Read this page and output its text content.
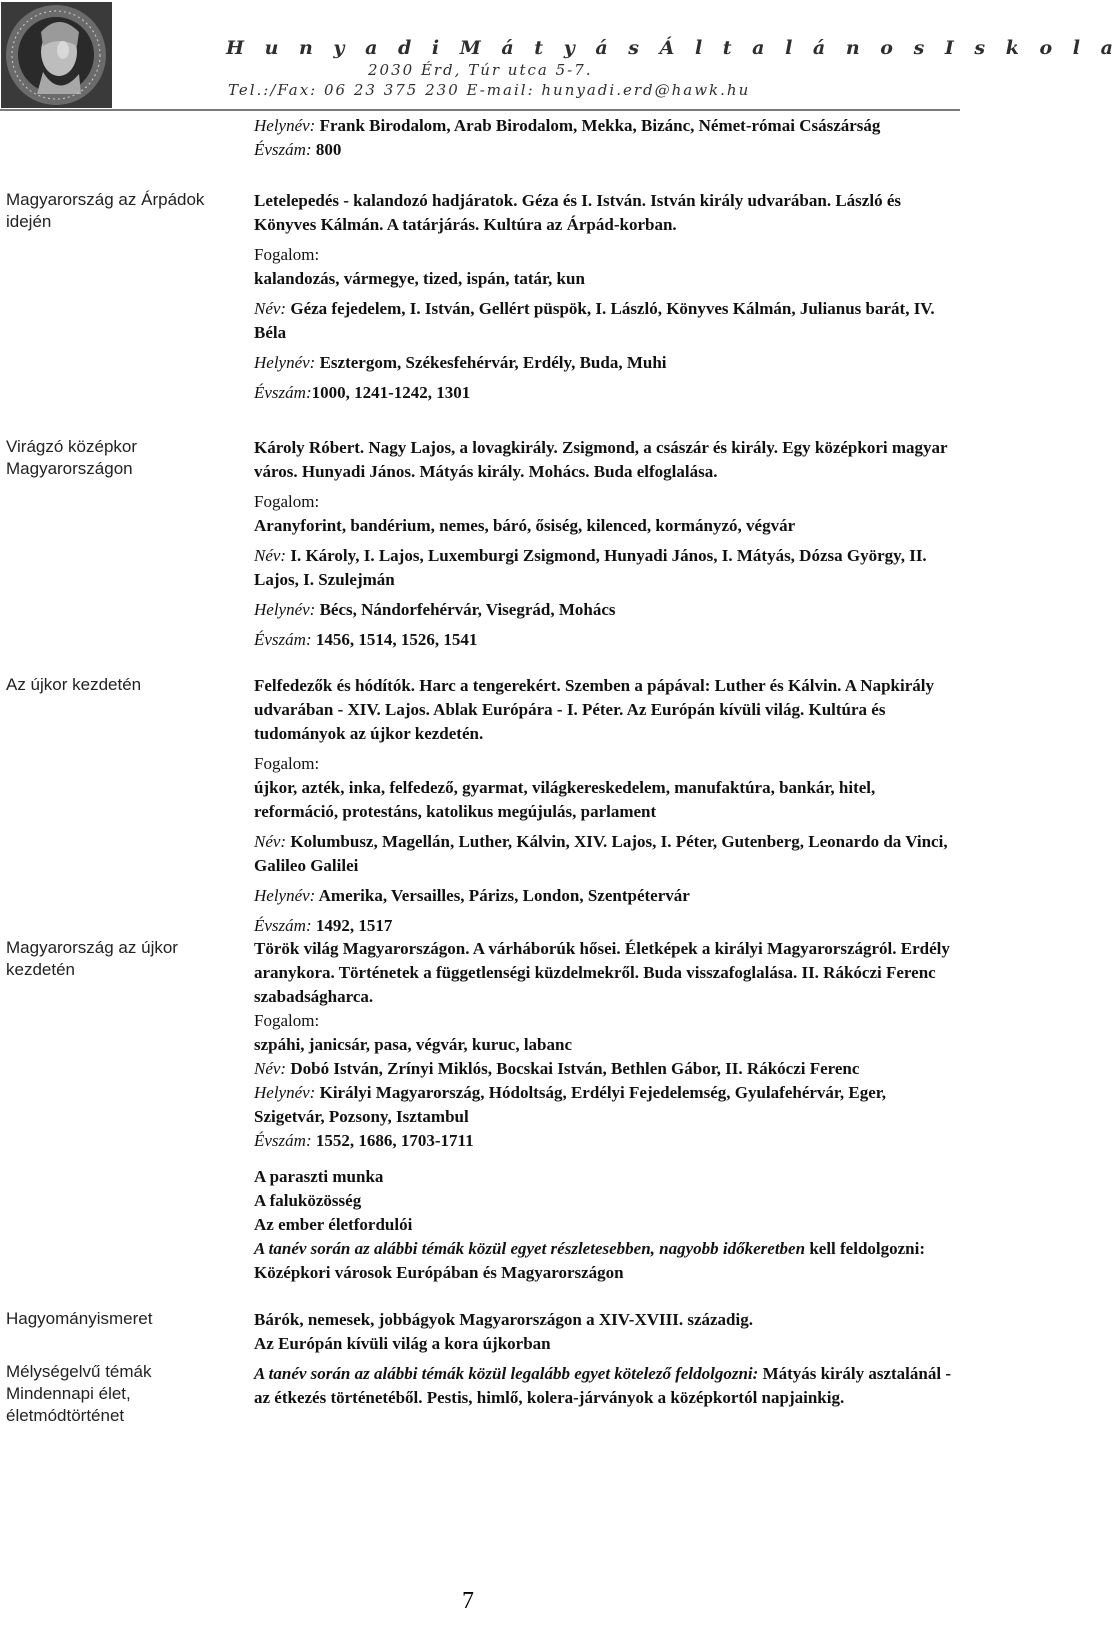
H u n y a d i M á t y á s Á l t a l á n o s I s k o l a
2030 Érd, Túr utca 5-7.
Tel.:/Fax: 06 23 375 230 E-mail: hunyadi.erd@hawk.hu
Magyarország az Árpádok
idején
Virágzó középkor
Magyarországon
Az újkor kezdetén
Magyarország az újkor
kezdetén
Hagyományismeret
Mélységelvű témák
Mindennapi élet,
életmódtörténet
Helynév: Frank Birodalom, Arab Birodalom, Mekka, Bizánc, Német-római Császárság
Évszám: 800
Letelepedés - kalandozó hadjáratok. Géza és I. István. István király udvarában. László és Könyves Kálmán. A tatárjárás. Kultúra az Árpád-korban.
Fogalom:
kalandozás, vármegye, tized, ispán, tatár, kun
Név: Géza fejedelem, I. István, Gellért püspök, I. László, Könyves Kálmán, Julianus barát, IV. Béla
Helynév: Esztergom, Székesfehérvár, Erdély, Buda, Muhi
Évszám:1000, 1241-1242, 1301
Károly Róbert. Nagy Lajos, a lovagkirály. Zsigmond, a császár és király. Egy középkori magyar város. Hunyadi János. Mátyás király. Mohács. Buda elfoglalása.
Fogalom:
Aranyforint, bandérium, nemes, báró, ősiség, kilenced, kormányzó, végvár
Név: I. Károly, I. Lajos, Luxemburgi Zsigmond, Hunyadi János, I. Mátyás, Dózsa György, II. Lajos, I. Szulejmán
Helynév: Bécs, Nándorfehérvár, Visegrád, Mohács
Évszám: 1456, 1514, 1526, 1541
Felfedezők és hódítók. Harc a tengerekért. Szemben a pápával: Luther és Kálvin. A Napkirály udvarában - XIV. Lajos. Ablak Európára - I. Péter. Az Európán kívüli világ. Kultúra és tudományok az újkor kezdetén.
Fogalom:
újkor, azték, inka, felfedező, gyarmat, világkereskedelem, manufaktúra, bankár, hitel, reformáció, protestáns, katolikus megújulás, parlament
Név: Kolumbusz, Magellán, Luther, Kálvin, XIV. Lajos, I. Péter, Gutenberg, Leonardo da Vinci, Galileo Galilei
Helynév: Amerika, Versailles, Párizs, London, Szentpétervár
Évszám: 1492, 1517
Török világ Magyarországon. A várháborúk hősei. Életképek a királyi Magyarországról. Erdély aranykora. Történetek a függetlenségi küzdelmekről. Buda visszafoglalása. II. Rákóczi Ferenc szabadságharca.
Fogalom:
szpáhi, janicsár, pasa, végvár, kuruc, labanc
Név: Dobó István, Zrínyi Miklós, Bocskai István, Bethlen Gábor, II. Rákóczi Ferenc
Helynév: Királyi Magyarország, Hódoltság, Erdélyi Fejedelemség, Gyulafehérvár, Eger, Szigetvár, Pozsony, Isztambul
Évszám: 1552, 1686, 1703-1711
A paraszti munka
A faluközösség
Az ember életfordulói
A tanév során az alábbi témák közül egyet részletesebben, nagyobb időkeretben kell feldolgozni:
Középkori városok Európában és Magyarországon
Bárók, nemesek, jobbágyok Magyarországon a XIV-XVIII. századig.
Az Európán kívüli világ a kora újkorban
A tanév során az alábbi témák közül legalább egyet kötelező feldolgozni: Mátyás király asztalánál - az étkezés történetéből. Pestis, himlő, kolera-járványok a középkortól napjainkig.
7
